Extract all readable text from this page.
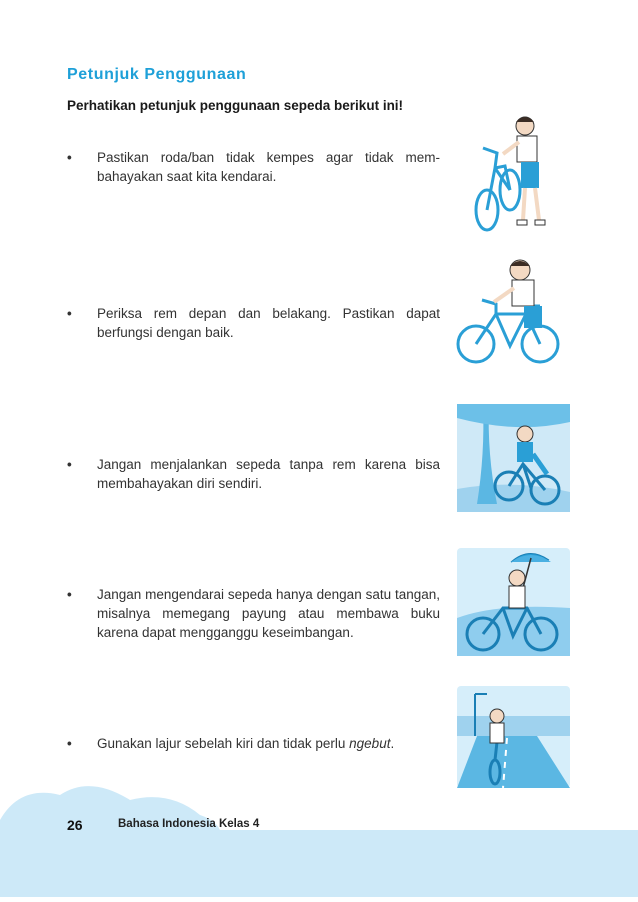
Petunjuk Penggunaan
Perhatikan petunjuk penggunaan sepeda berikut ini!
•	Pastikan roda/ban tidak kempes agar tidak mem-bahayakan saat kita kendarai.
•	Periksa rem depan dan belakang. Pastikan dapat berfungsi dengan baik.
•	Jangan menjalankan sepeda tanpa rem karena bisa membahayakan diri sendiri.
•	Jangan mengendarai sepeda hanya dengan satu tangan, misalnya memegang payung atau membawa buku karena dapat mengganggu keseimbangan.
•	Gunakan lajur sebelah kiri dan tidak perlu ngebut.
26	Bahasa Indonesia Kelas 4
